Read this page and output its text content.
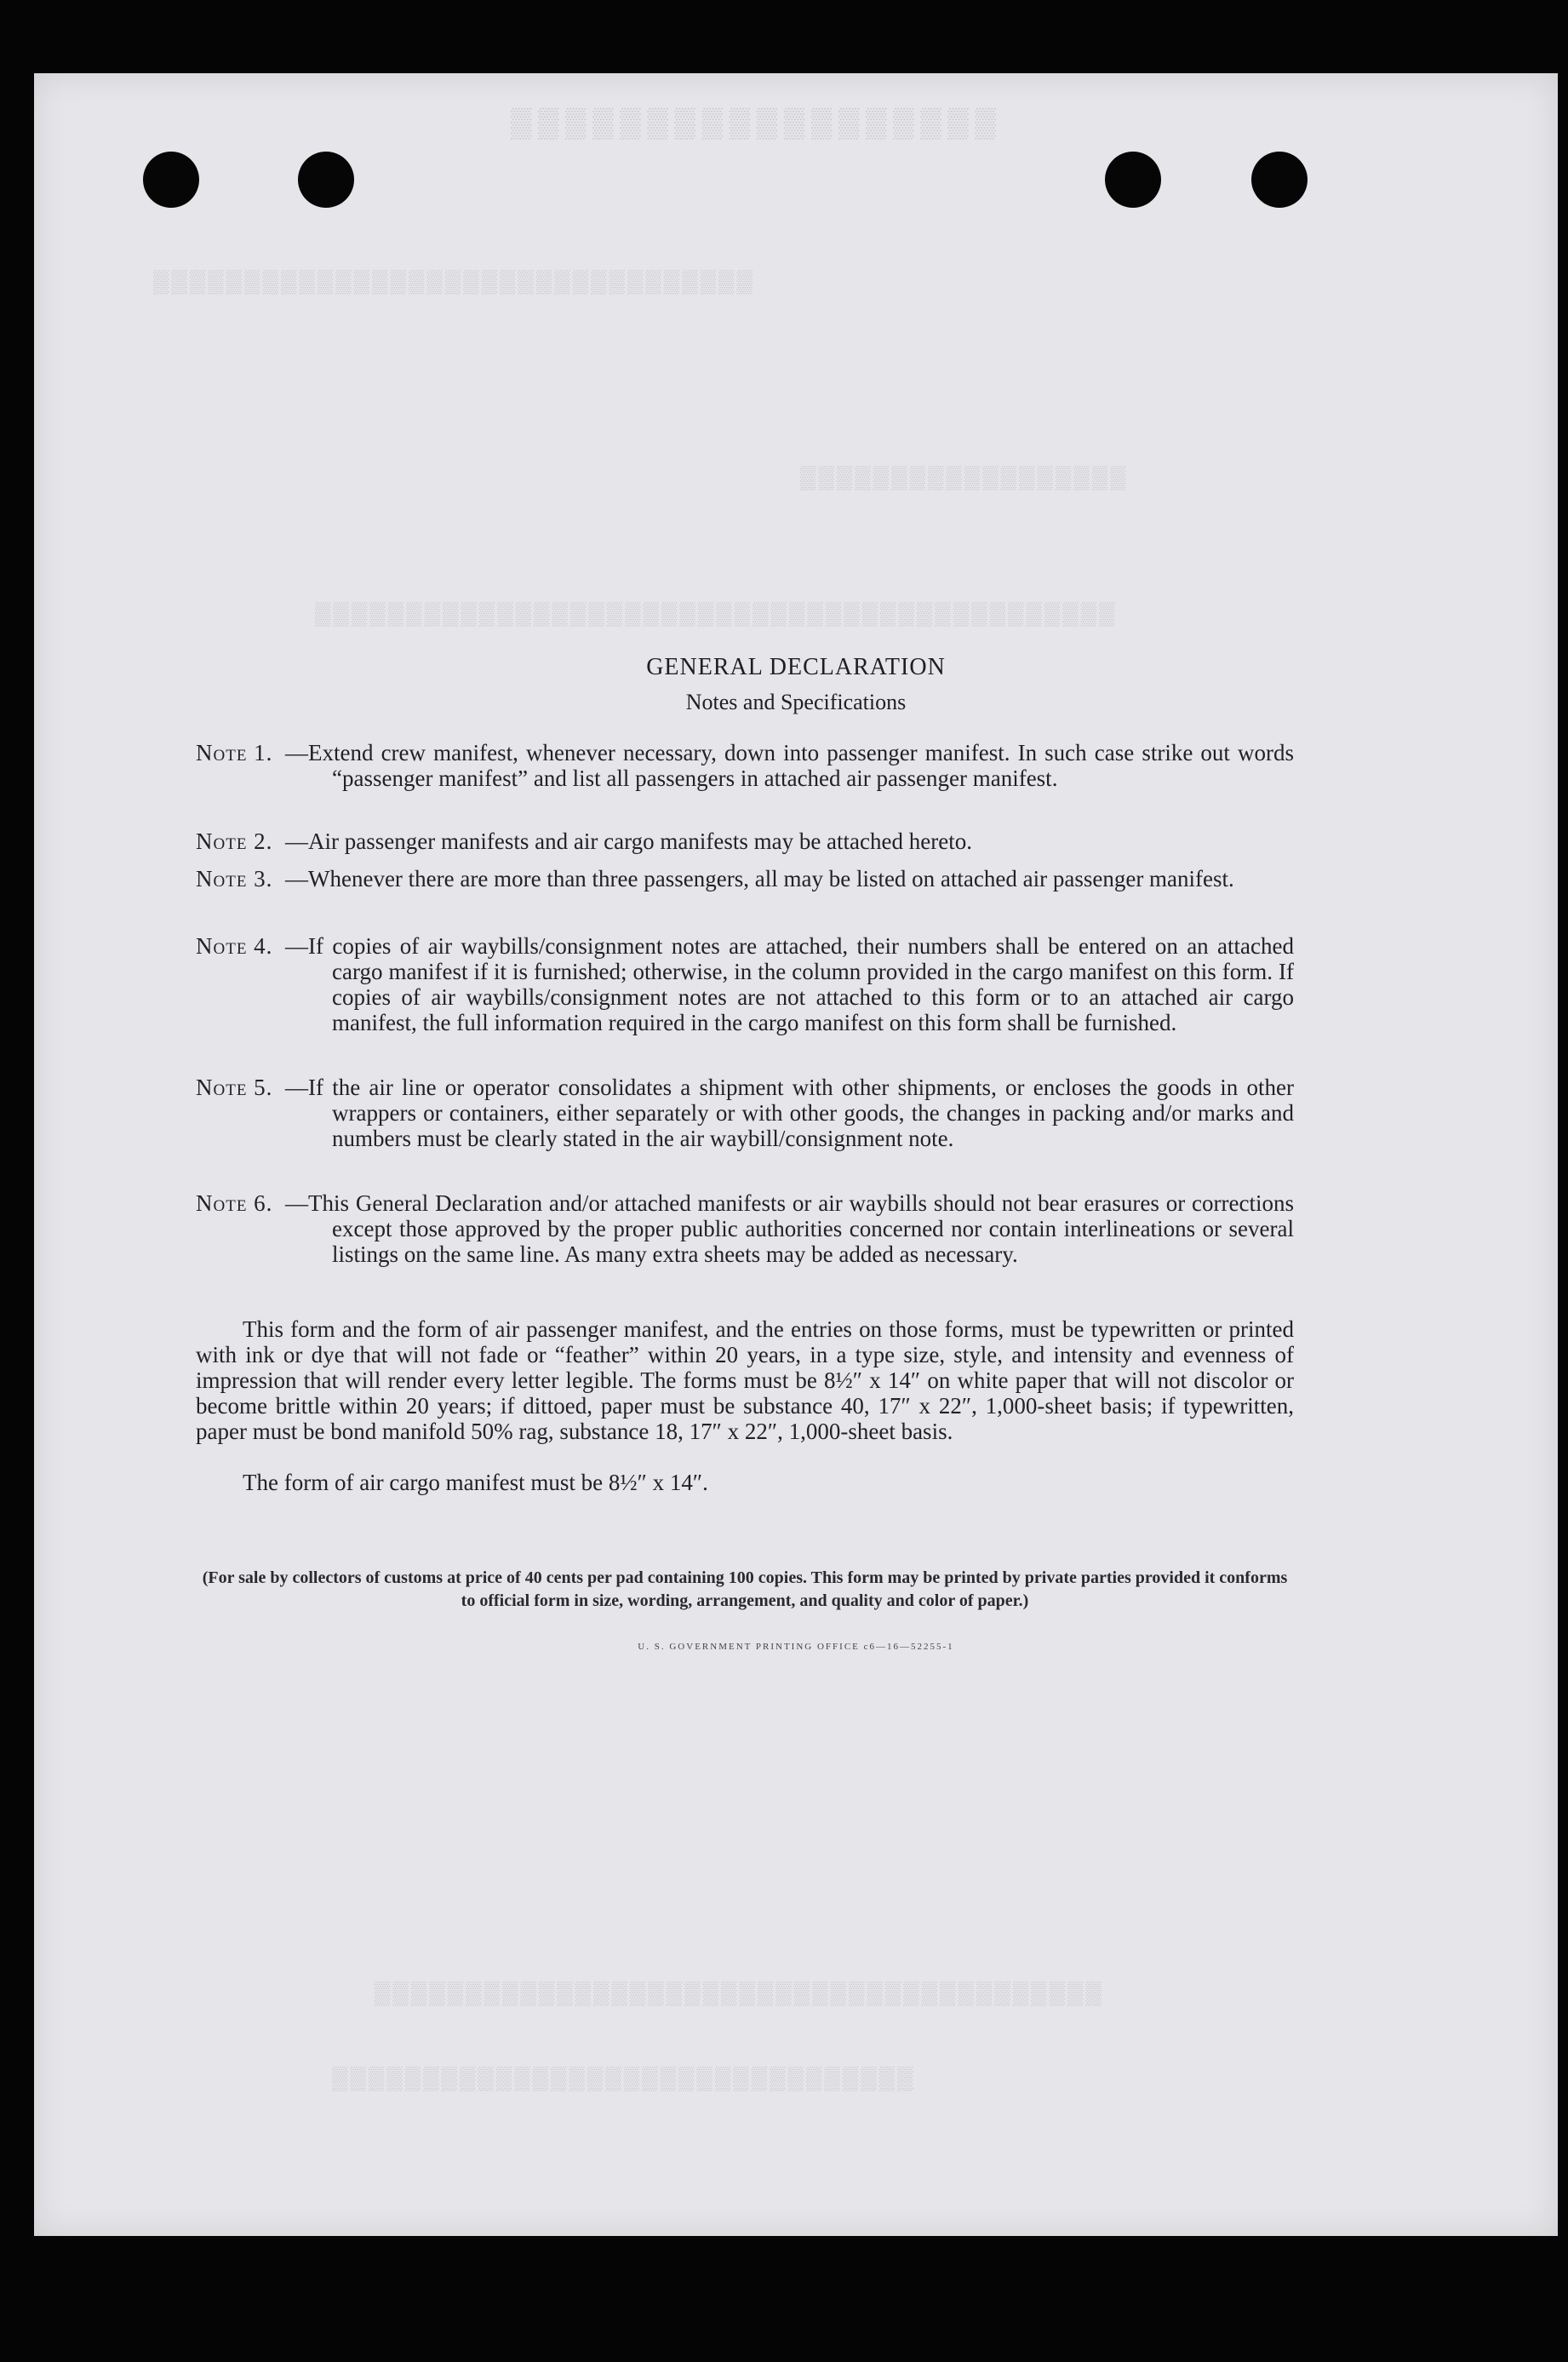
▒▒▒▒▒▒▒▒▒▒▒▒▒▒▒▒▒▒
▒▒▒▒▒▒▒▒▒▒▒▒▒▒▒▒▒▒▒▒▒▒▒▒▒▒▒▒▒▒▒▒▒
▒▒▒▒▒▒▒▒▒▒▒▒▒▒▒▒▒▒
▒▒▒▒▒▒▒▒▒▒▒▒▒▒▒▒▒▒▒▒▒▒▒▒▒▒▒▒▒▒▒▒▒▒▒▒▒▒▒▒▒▒▒▒
▒▒▒▒▒▒▒▒▒▒▒▒▒▒▒▒▒▒▒▒▒▒▒▒▒▒▒▒▒▒▒▒▒▒▒▒▒▒▒▒
▒▒▒▒▒▒▒▒▒▒▒▒▒▒▒▒▒▒▒▒▒▒▒▒▒▒▒▒▒▒▒▒
GENERAL DECLARATION
Notes and Specifications
Note 1. —Extend crew manifest, whenever necessary, down into passenger manifest. In such case strike out words “passenger manifest” and list all passengers in attached air passenger manifest.
Note 2. —Air passenger manifests and air cargo manifests may be attached hereto.
Note 3. —Whenever there are more than three passengers, all may be listed on attached air passenger manifest.
Note 4. —If copies of air waybills/consignment notes are attached, their numbers shall be entered on an attached cargo manifest if it is furnished; otherwise, in the column provided in the cargo manifest on this form. If copies of air waybills/consignment notes are not attached to this form or to an attached air cargo manifest, the full information required in the cargo manifest on this form shall be furnished.
Note 5. —If the air line or operator consolidates a shipment with other shipments, or encloses the goods in other wrappers or containers, either separately or with other goods, the changes in packing and/or marks and numbers must be clearly stated in the air waybill/consignment note.
Note 6. —This General Declaration and/or attached manifests or air waybills should not bear erasures or corrections except those approved by the proper public authorities concerned nor contain interlineations or several listings on the same line. As many extra sheets may be added as necessary.
This form and the form of air passenger manifest, and the entries on those forms, must be typewritten or printed with ink or dye that will not fade or “feather” within 20 years, in a type size, style, and intensity and evenness of impression that will render every letter legible. The forms must be 8½″ x 14″ on white paper that will not discolor or become brittle within 20 years; if dittoed, paper must be substance 40, 17″ x 22″, 1,000-sheet basis; if typewritten, paper must be bond manifold 50% rag, substance 18, 17″ x 22″, 1,000-sheet basis.
The form of air cargo manifest must be 8½″ x 14″.
(For sale by collectors of customs at price of 40 cents per pad containing 100 copies. This form may be printed by private parties provided it conforms to official form in size, wording, arrangement, and quality and color of paper.)
U. S. GOVERNMENT PRINTING OFFICE c6—16—52255-1
